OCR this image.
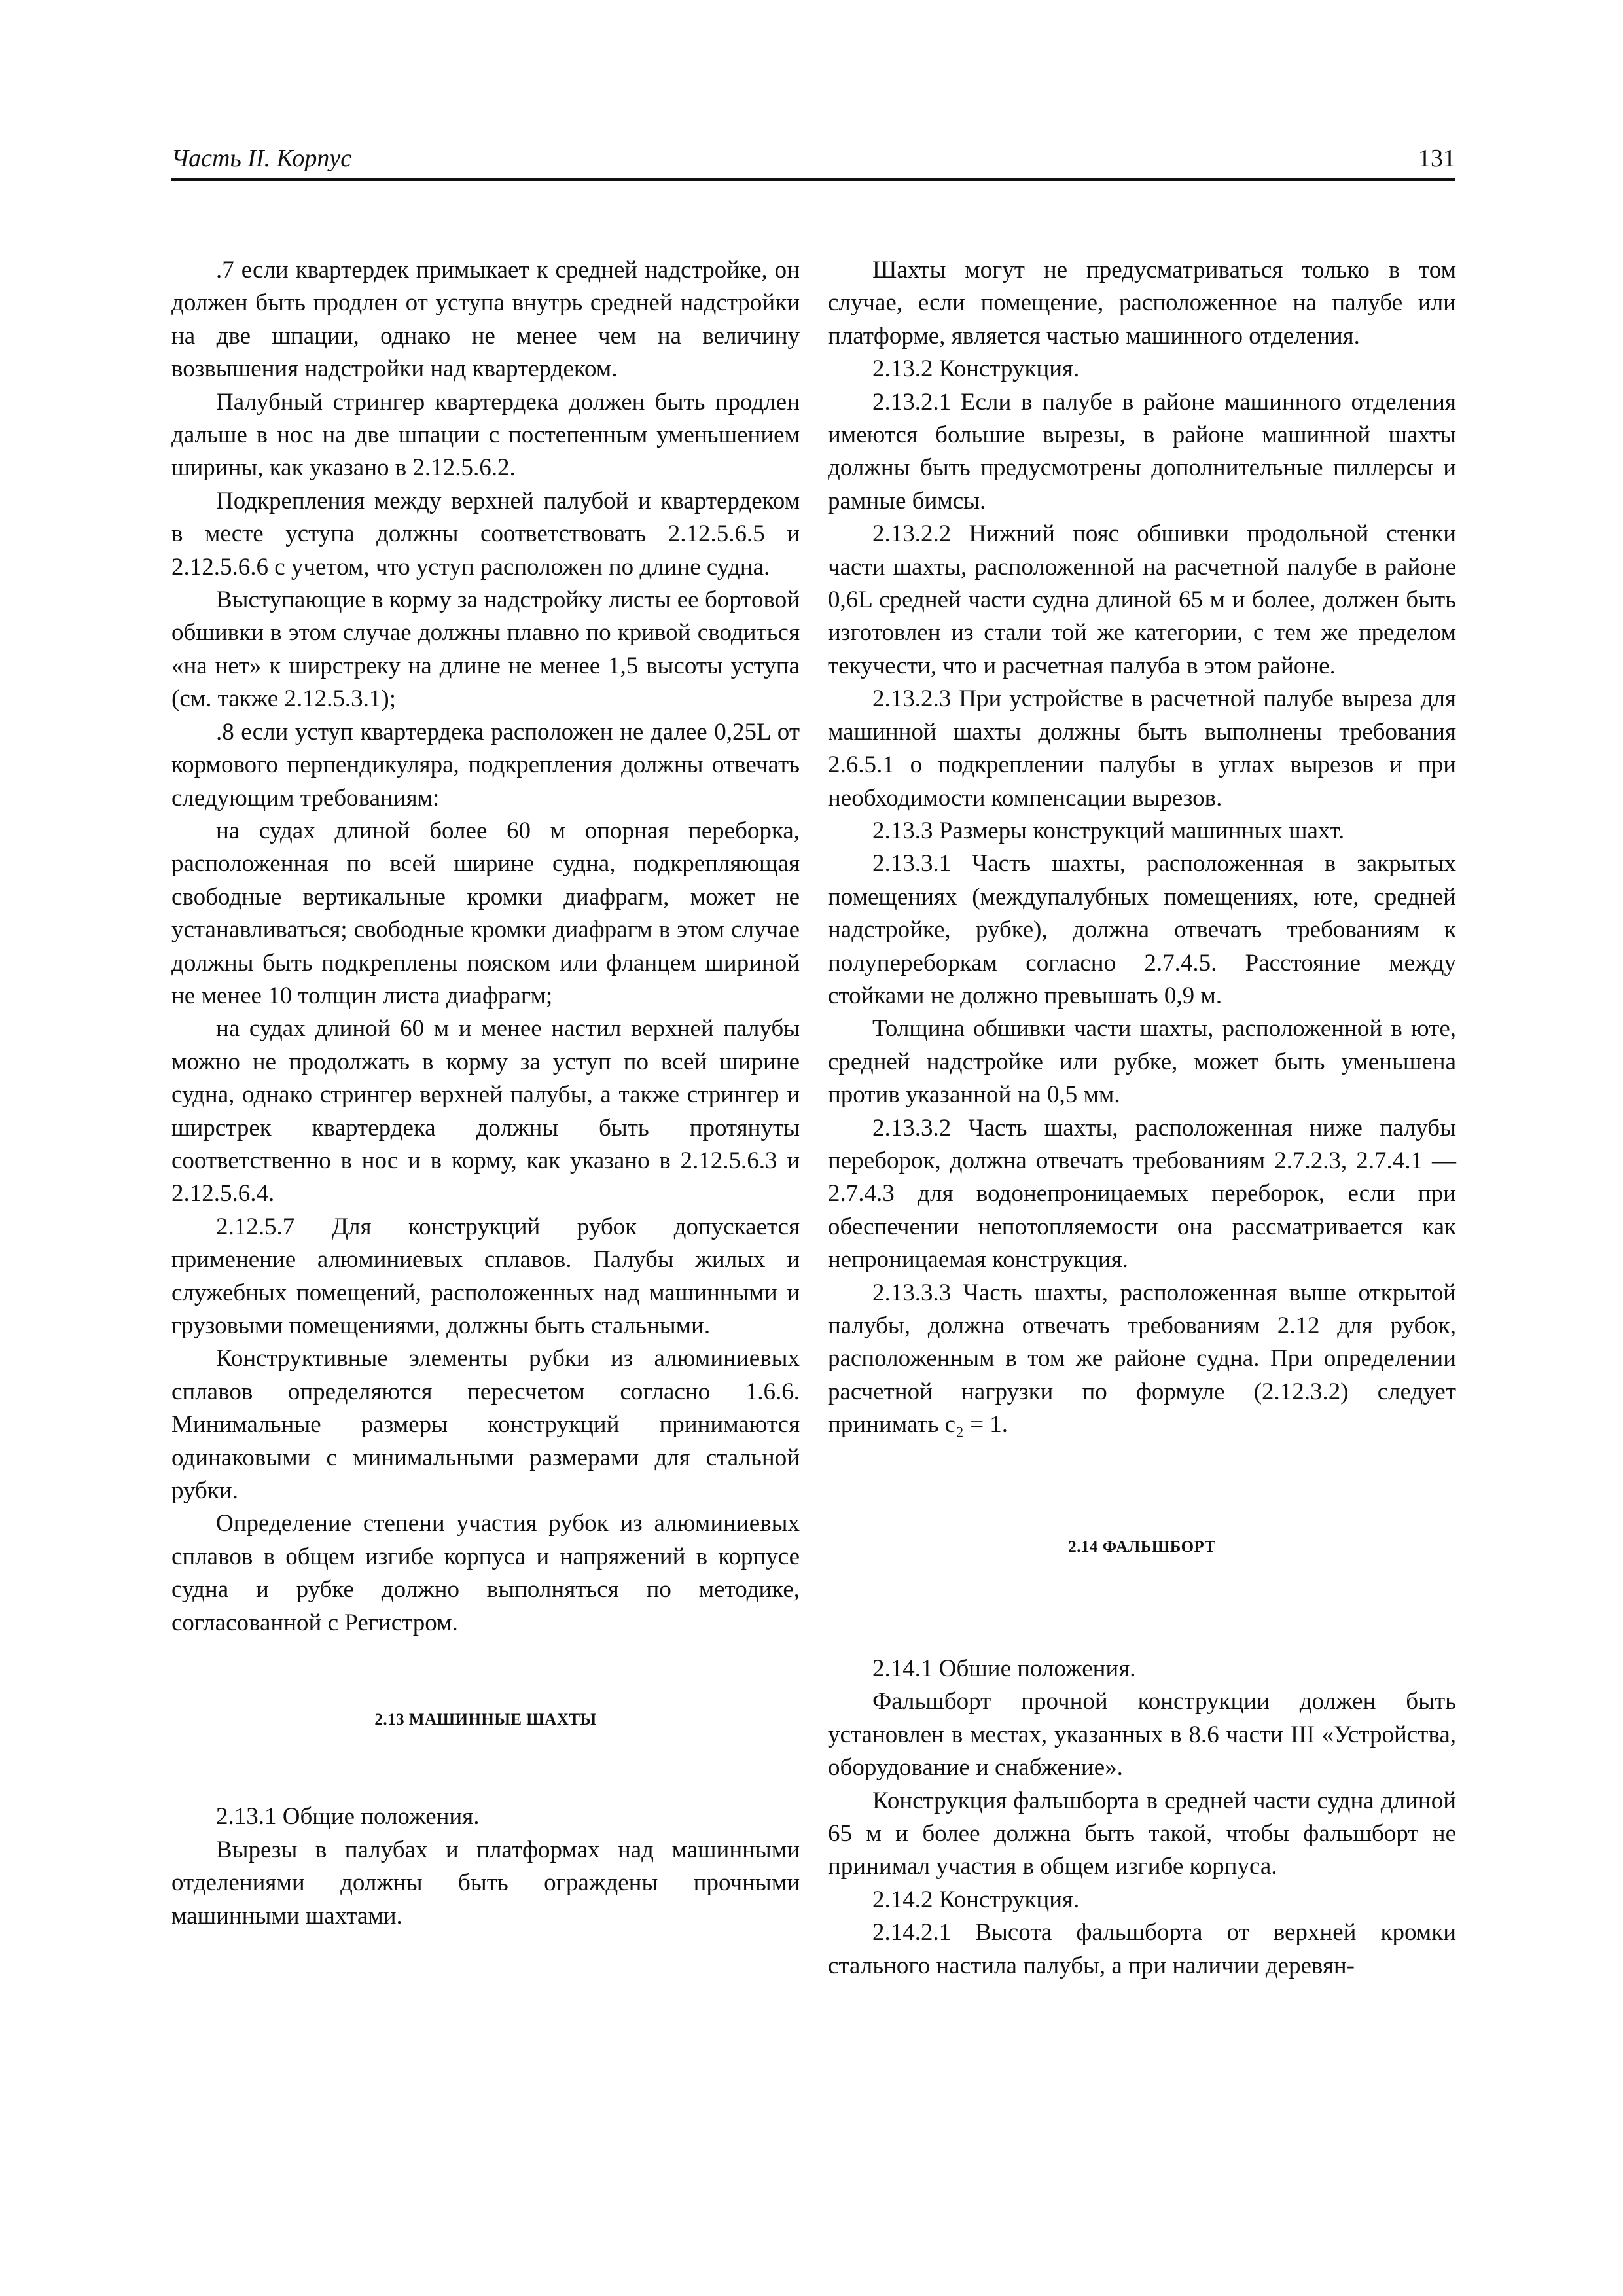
Часть II. Корпус	131

.7 если квартердек примыкает к средней надстройке, он должен быть продлен от уступа внутрь средней надстройки на две шпации, однако не менее чем на величину возвышения надстройки над квартердеком.

Палубный стрингер квартердека должен быть продлен дальше в нос на две шпации с постепенным уменьшением ширины, как указано в 2.12.5.6.2.

Подкрепления между верхней палубой и квартердеком в месте уступа должны соответствовать 2.12.5.6.5 и 2.12.5.6.6 с учетом, что уступ расположен по длине судна.

Выступающие в корму за надстройку листы ее бортовой обшивки в этом случае должны плавно по кривой сводиться «на нет» к ширстреку на длине не менее 1,5 высоты уступа (см. также 2.12.5.3.1);

.8 если уступ квартердека расположен не далее 0,25L от кормового перпендикуляра, подкрепления должны отвечать следующим требованиям:

на судах длиной более 60 м опорная переборка, расположенная по всей ширине судна, подкрепляющая свободные вертикальные кромки диафрагм, может не устанавливаться; свободные кромки диафрагм в этом случае должны быть подкреплены пояском или фланцем шириной не менее 10 толщин листа диафрагм;

на судах длиной 60 м и менее настил верхней палубы можно не продолжать в корму за уступ по всей ширине судна, однако стрингер верхней палубы, а также стрингер и ширстрек квартердека должны быть протянуты соответственно в нос и в корму, как указано в 2.12.5.6.3 и 2.12.5.6.4.

2.12.5.7 Для конструкций рубок допускается применение алюминиевых сплавов. Палубы жилых и служебных помещений, расположенных над машинными и грузовыми помещениями, должны быть стальными.

Конструктивные элементы рубки из алюминиевых сплавов определяются пересчетом согласно 1.6.6. Минимальные размеры конструкций принимаются одинаковыми с минимальными размерами для стальной рубки.

Определение степени участия рубок из алюминиевых сплавов в общем изгибе корпуса и напряжений в корпусе судна и рубке должно выполняться по методике, согласованной с Регистром.

2.13 МАШИННЫЕ ШАХТЫ

2.13.1 Общие положения.

Вырезы в палубах и платформах над машинными отделениями должны быть ограждены прочными машинными шахтами.

Шахты могут не предусматриваться только в том случае, если помещение, расположенное на палубе или платформе, является частью машинного отделения.

2.13.2 Конструкция.

2.13.2.1 Если в палубе в районе машинного отделения имеются большие вырезы, в районе машинной шахты должны быть предусмотрены дополнительные пиллерсы и рамные бимсы.

2.13.2.2 Нижний пояс обшивки продольной стенки части шахты, расположенной на расчетной палубе в районе 0,6L средней части судна длиной 65 м и более, должен быть изготовлен из стали той же категории, с тем же пределом текучести, что и расчетная палуба в этом районе.

2.13.2.3 При устройстве в расчетной палубе выреза для машинной шахты должны быть выполнены требования 2.6.5.1 о подкреплении палубы в углах вырезов и при необходимости компенсации вырезов.

2.13.3 Размеры конструкций машинных шахт.

2.13.3.1 Часть шахты, расположенная в закрытых помещениях (междупалубных помещениях, юте, средней надстройке, рубке), должна отвечать требованиям к полупереборкам согласно 2.7.4.5. Расстояние между стойками не должно превышать 0,9 м.

Толщина обшивки части шахты, расположенной в юте, средней надстройке или рубке, может быть уменьшена против указанной на 0,5 мм.

2.13.3.2 Часть шахты, расположенная ниже палубы переборок, должна отвечать требованиям 2.7.2.3, 2.7.4.1 — 2.7.4.3 для водонепроницаемых переборок, если при обеспечении непотопляемости она рассматривается как непроницаемая конструкция.

2.13.3.3 Часть шахты, расположенная выше открытой палубы, должна отвечать требованиям 2.12 для рубок, расположенным в том же районе судна. При определении расчетной нагрузки по формуле (2.12.3.2) следует принимать c₂ = 1.

2.14 ФАЛЬШБОРТ

2.14.1 Обшие положения.

Фальшборт прочной конструкции должен быть установлен в местах, указанных в 8.6 части III «Устройства, оборудование и снабжение».

Конструкция фальшборта в средней части судна длиной 65 м и более должна быть такой, чтобы фальшборт не принимал участия в общем изгибе корпуса.

2.14.2 Конструкция.

2.14.2.1 Высота фальшборта от верхней кромки стального настила палубы, а при наличии деревян-
